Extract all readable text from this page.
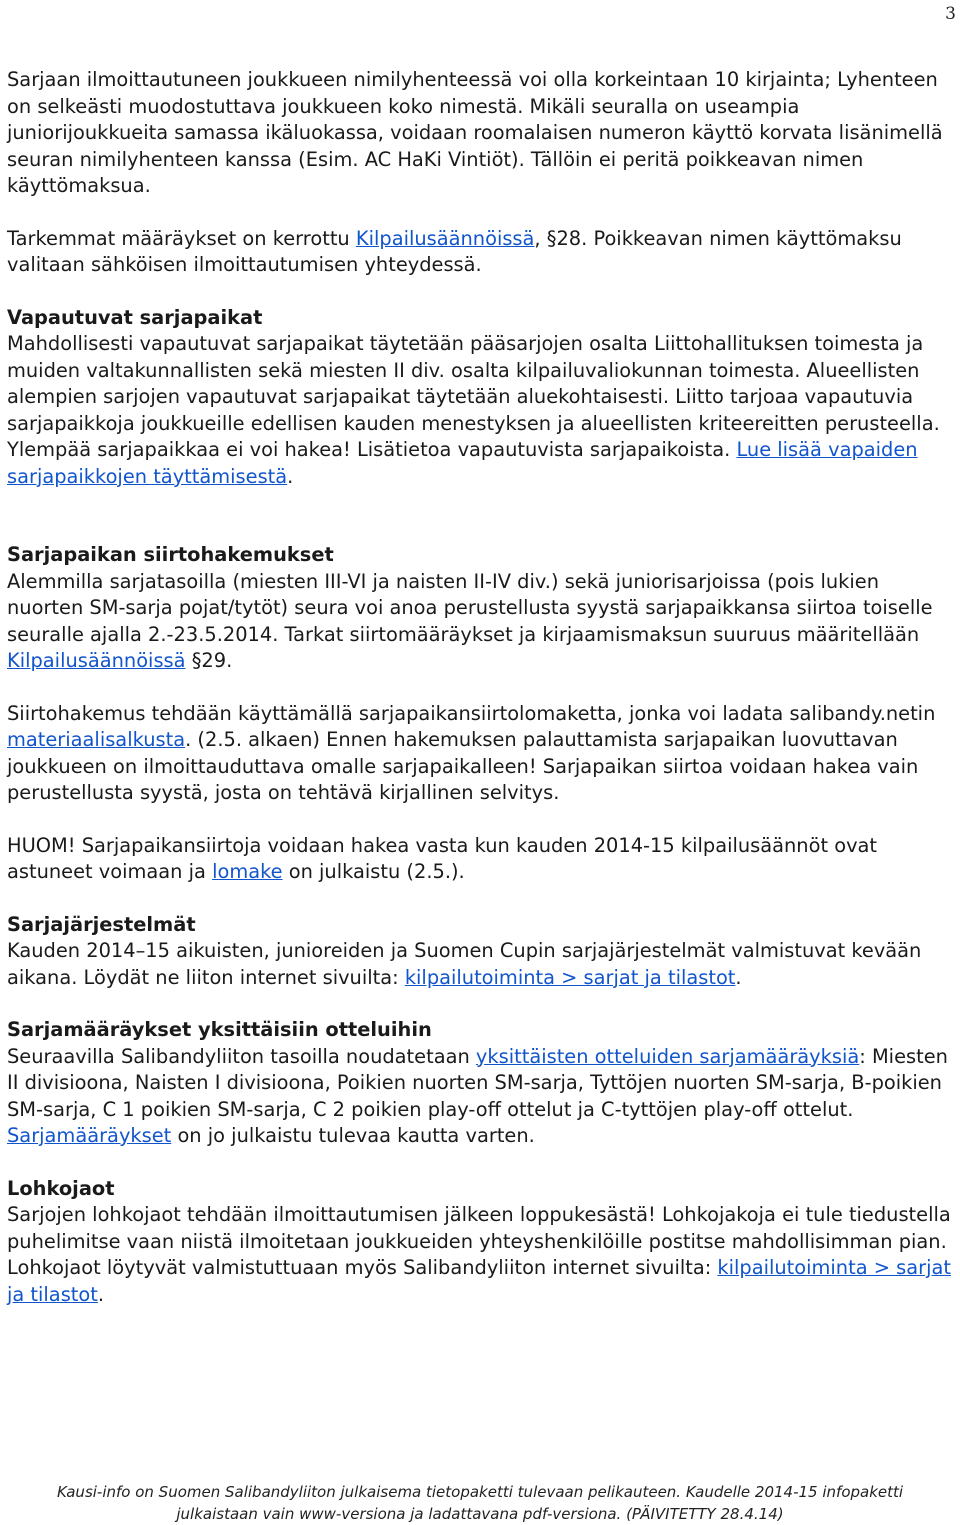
3

Sarjaan ilmoittautuneen joukkueen nimilyhenteessä voi olla korkeintaan 10 kirjainta; Lyhenteen on selkeästi muodostuttava joukkueen koko nimestä. Mikäli seuralla on useampia juniorijoukkueita samassa ikäluokassa, voidaan roomalaisen numeron käyttö korvata lisänimellä seuran nimilyhenteen kanssa (Esim. AC HaKi Vintiöt). Tällöin ei peritä poikkeavan nimen käyttömaksua.

Tarkemmat määräykset on kerrottu Kilpailusäännöissä, §28. Poikkeavan nimen käyttömaksu valitaan sähköisen ilmoittautumisen yhteydessä.

Vapautuvat sarjapaikat
Mahdollisesti vapautuvat sarjapaikat täytetään pääsarjojen osalta Liittohallituksen toimesta ja muiden valtakunnallisten sekä miesten II div. osalta kilpailuvaliokunnan toimesta. Alueellisten alempien sarjojen vapautuvat sarjapaikat täytetään aluekohtaisesti. Liitto tarjoaa vapautuvia sarjapaikkoja joukkueille edellisen kauden menestyksen ja alueellisten kriteereitten perusteella. Ylempää sarjapaikkaa ei voi hakea! Lisätietoa vapautuvista sarjapaikoista. Lue lisää vapaiden sarjapaikkojen täyttämisestä.
Sarjapaikan siirtohakemukset
Alemmilla sarjatasoilla (miesten III-VI ja naisten II-IV div.) sekä juniorisarjoissa (pois lukien nuorten SM-sarja pojat/tytöt) seura voi anoa perustellusta syystä sarjapaikkansa siirtoa toiselle seuralle ajalla 2.-23.5.2014. Tarkat siirtomääräykset ja kirjaamismaksun suuruus määritellään Kilpailusäännöissä §29.

Siirtohakemus tehdään käyttämällä sarjapaikansiirtolomaketta, jonka voi ladata salibandy.netin materiaalisalkusta. (2.5. alkaen) Ennen hakemuksen palauttamista sarjapaikan luovuttavan joukkueen on ilmoittauduttava omalle sarjapaikalleen! Sarjapaikan siirtoa voidaan hakea vain perustellusta syystä, josta on tehtävä kirjallinen selvitys.

HUOM! Sarjapaikansiirtoja voidaan hakea vasta kun kauden 2014-15 kilpailusäännöt ovat astuneet voimaan ja lomake on julkaistu (2.5.).

Sarjajärjestelmät
Kauden 2014–15 aikuisten, junioreiden ja Suomen Cupin sarjajärjestelmät valmistuvat kevään aikana. Löydät ne liiton internet sivuilta: kilpailutoiminta > sarjat ja tilastot.
Sarjamääräykset yksittäisiin otteluihin
Seuraavilla Salibandyliiton tasoilla noudatetaan yksittäisten otteluiden sarjamääräyksiä: Miesten II divisioona, Naisten I divisioona, Poikien nuorten SM-sarja, Tyttöjen nuorten SM-sarja, B-poikien SM-sarja, C 1 poikien SM-sarja, C 2 poikien play-off ottelut ja C-tyttöjen play-off ottelut. Sarjamääräykset on jo julkaistu tulevaa kautta varten.
Lohkojaot
Sarjojen lohkojaot tehdään ilmoittautumisen jälkeen loppukesästä! Lohkojakoja ei tule tiedustella puhelimitse vaan niistä ilmoitetaan joukkueiden yhteyshenkilöille postitse mahdollisimman pian. Lohkojaot löytyvät valmistuttuaan myös Salibandyliiton internet sivuilta: kilpailutoiminta > sarjat ja tilastot.
Kausi-info on Suomen Salibandyliiton julkaisema tietopaketti tulevaan pelikauteen. Kaudelle 2014-15 infopaketti
julkaistaan vain www-versiona ja ladattavana pdf-versiona. (PÄIVITETTY 28.4.14)
